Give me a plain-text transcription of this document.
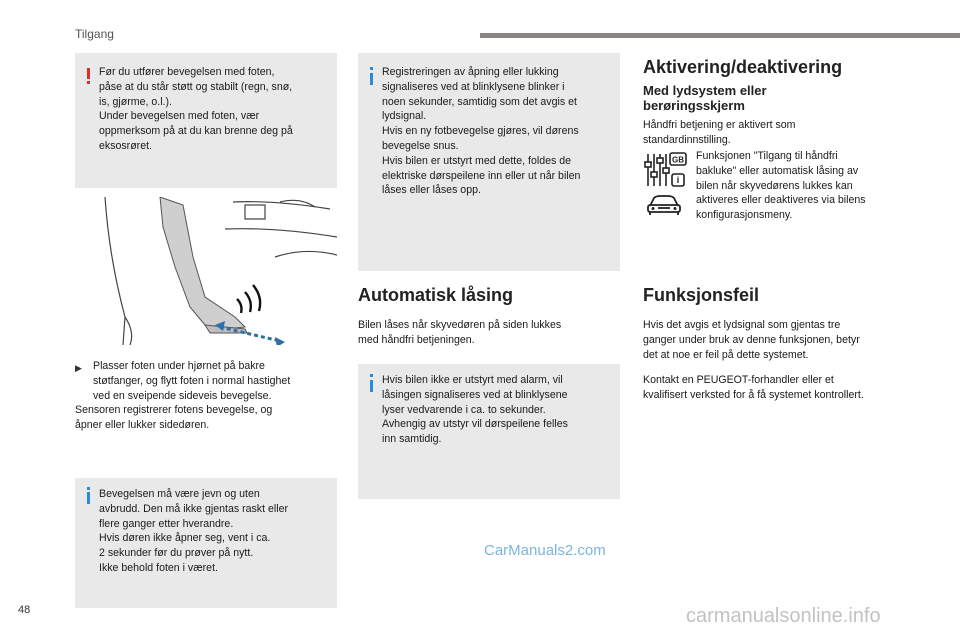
Tilgang
Før du utfører bevegelsen med foten,
påse at du står støtt og stabilt (regn, snø,
is, gjørme, o.l.).
Under bevegelsen med foten, vær
oppmerksom på at du kan brenne deg på
eksosrøret.
▶ Plasser foten under hjørnet på bakre
støtfanger, og flytt foten i normal hastighet
ved en sveipende sideveis bevegelse.
Sensoren registrerer fotens bevegelse, og
åpner eller lukker sidedøren.
Bevegelsen må være jevn og uten
avbrudd. Den må ikke gjentas raskt eller
flere ganger etter hverandre.
Hvis døren ikke åpner seg, vent i ca.
2 sekunder før du prøver på nytt.
Ikke behold foten i været.
Registreringen av åpning eller lukking
signaliseres ved at blinklysene blinker i
noen sekunder, samtidig som det avgis et
lydsignal.
Hvis en ny fotbevegelse gjøres, vil dørens
bevegelse snus.
Hvis bilen er utstyrt med dette, foldes de
elektriske dørspeilene inn eller ut når bilen
låses eller låses opp.
Automatisk låsing
Bilen låses når skyvedøren på siden lukkes
med håndfri betjeningen.
Hvis bilen ikke er utstyrt med alarm, vil
låsingen signaliseres ved at blinklysene
lyser vedvarende i ca. to sekunder.
Avhengig av utstyr vil dørspeilene felles
inn samtidig.
Aktivering/deaktivering
Med lydsystem eller
berøringsskjerm
Håndfri betjening er aktivert som
standardinnstilling.
GB
i
Funksjonen "Tilgang til håndfri
bakluke" eller automatisk låsing av
bilen når skyvedørens lukkes kan
aktiveres eller deaktiveres via bilens
konfigurasjonsmeny.
Funksjonsfeil
Hvis det avgis et lydsignal som gjentas tre
ganger under bruk av denne funksjonen, betyr
det at noe er feil på dette systemet.
Kontakt en PEUGEOT-forhandler eller et
kvalifisert verksted for å få systemet kontrollert.
CarManuals2.com
48	carmanualsonline.info
